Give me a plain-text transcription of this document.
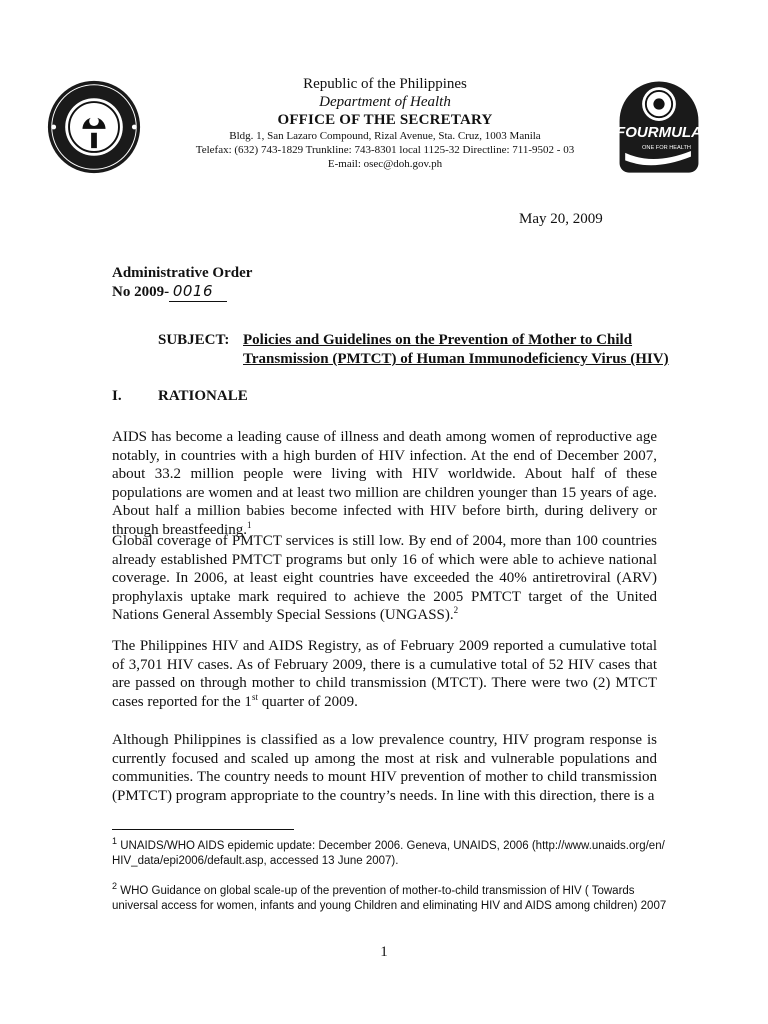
FOURMULA
ONE FOR HEALTH
Republic of the Philippines
Department of Health
OFFICE OF THE SECRETARY
Bldg. 1, San Lazaro Compound, Rizal Avenue, Sta. Cruz, 1003 Manila
Telefax: (632) 743-1829 Trunkline: 743-8301 local 1125-32 Directline: 711-9502 - 03
E-mail: osec@doh.gov.ph
May 20, 2009
Administrative Order
No 2009- 0016
SUBJECT: Policies and Guidelines on the Prevention of Mother to Child
Transmission (PMTCT) of Human Immunodeficiency Virus (HIV)
I. RATIONALE

AIDS has become a leading cause of illness and death among women of reproductive age notably, in countries with a high burden of HIV infection. At the end of December 2007, about 33.2 million people were living with HIV worldwide. About half of these populations are women and at least two million are children younger than 15 years of age. About half a million babies become infected with HIV before birth, during delivery or through breastfeeding.$^1$

Global coverage of PMTCT services is still low. By end of 2004, more than 100 countries already established PMTCT programs but only 16 of which were able to achieve national coverage. In 2006, at least eight countries have exceeded the 40% antiretroviral (ARV) prophylaxis uptake mark required to achieve the 2005 PMTCT target of the United Nations General Assembly Special Sessions (UNGASS).$^2$

The Philippines HIV and AIDS Registry, as of February 2009 reported a cumulative total of 3,701 HIV cases. As of February 2009, there is a cumulative total of 52 HIV cases that are passed on through mother to child transmission (MTCT). There were two (2) MTCT cases reported for the 1st quarter of 2009.

Although Philippines is classified as a low prevalence country, HIV program response is currently focused and scaled up among the most at risk and vulnerable populations and communities. The country needs to mount HIV prevention of mother to child transmission (PMTCT) program appropriate to the country’s needs. In line with this direction, there is a

$^1$ UNAIDS/WHO AIDS epidemic update: December 2006. Geneva, UNAIDS, 2006 (http://www.unaids.org/en/ HIV_data/epi2006/default.asp, accessed 13 June 2007).

$^2$ WHO Guidance on global scale-up of the prevention of mother-to-child transmission of HIV ( Towards universal access for women, infants and young Children and eliminating HIV and AIDS among children) 2007

1
